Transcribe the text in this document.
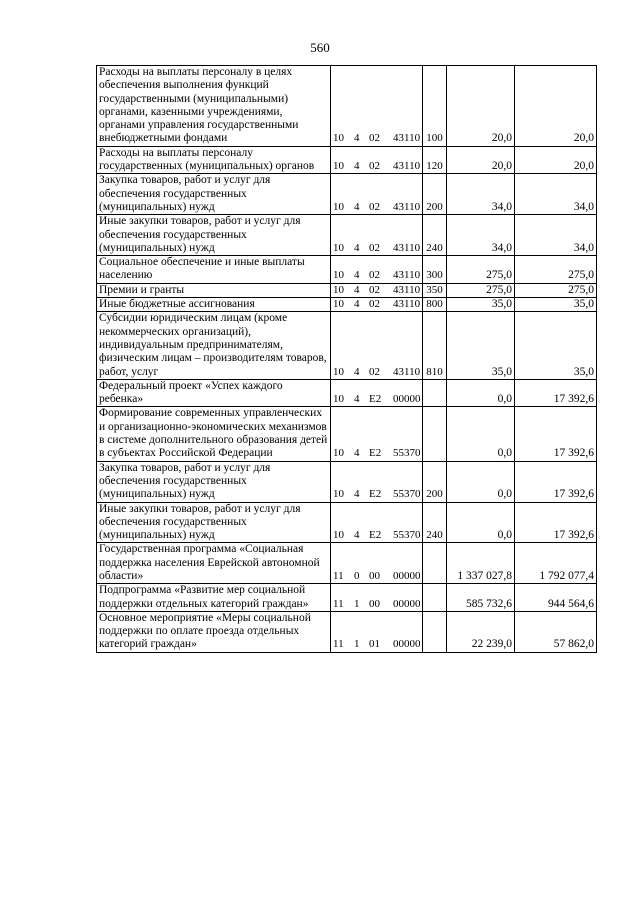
560
Расходы на выплаты персоналу в целях обеспечения выполнения функций государственными (муниципальными) органами, казенными учреждениями, органами управления государственными внебюджетными фондами	10 4 02 43110	100	20,0	20,0
Расходы на выплаты персоналу государственных (муниципальных) органов	10 4 02 43110	120	20,0	20,0
Закупка товаров, работ и услуг для обеспечения государственных (муниципальных) нужд	10 4 02 43110	200	34,0	34,0
Иные закупки товаров, работ и услуг для обеспечения государственных (муниципальных) нужд	10 4 02 43110	240	34,0	34,0
Социальное обеспечение и иные выплаты населению	10 4 02 43110	300	275,0	275,0
Премии и гранты	10 4 02 43110	350	275,0	275,0
Иные бюджетные ассигнования	10 4 02 43110	800	35,0	35,0
Субсидии юридическим лицам (кроме некоммерческих организаций), индивидуальным предпринимателям, физическим лицам – производителям товаров, работ, услуг	10 4 02 43110	810	35,0	35,0
Федеральный проект «Успех каждого ребенка»	10 4 E2 00000		0,0	17 392,6
Формирование современных управленческих и организационно-экономических механизмов в системе дополнительного образования детей в субъектах Российской Федерации	10 4 E2 55370		0,0	17 392,6
Закупка товаров, работ и услуг для обеспечения государственных (муниципальных) нужд	10 4 E2 55370	200	0,0	17 392,6
Иные закупки товаров, работ и услуг для обеспечения государственных (муниципальных) нужд	10 4 E2 55370	240	0,0	17 392,6
Государственная программа «Социальная поддержка населения Еврейской автономной области»	11 0 00 00000		1 337 027,8	1 792 077,4
Подпрограмма «Развитие мер социальной поддержки отдельных категорий граждан»	11 1 00 00000		585 732,6	944 564,6
Основное мероприятие «Меры социальной поддержки по оплате проезда отдельных категорий граждан»	11 1 01 00000		22 239,0	57 862,0
